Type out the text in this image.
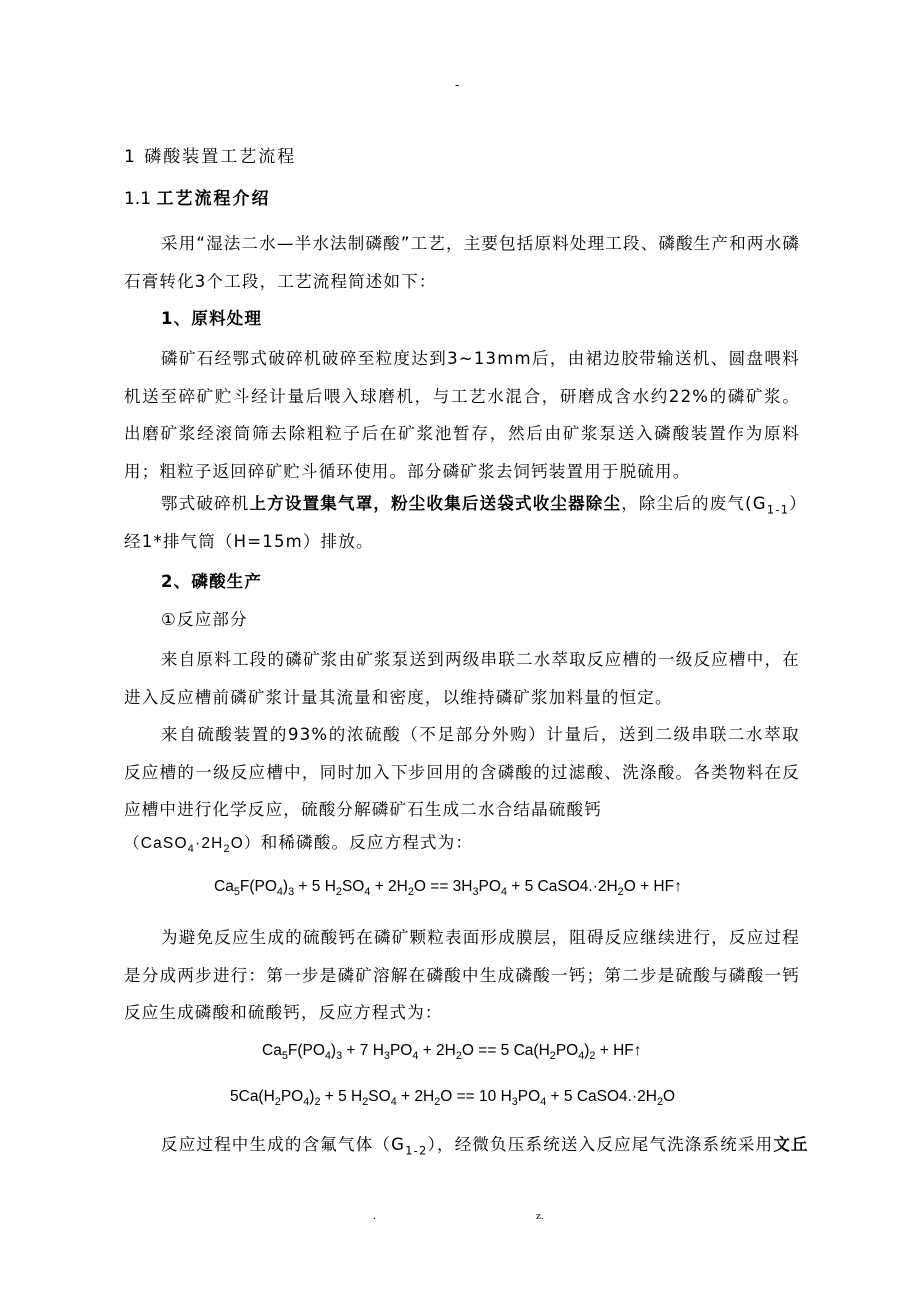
-
1 磷酸装置工艺流程
1.1 工艺流程介绍
采用“湿法二水—半水法制磷酸”工艺，主要包括原料处理工段、磷酸生产和两水磷石膏转化3个工段，工艺流程简述如下：
1、原料处理
磷矿石经鄂式破碎机破碎至粒度达到3~13mm后，由裙边胶带输送机、圆盘喂料机送至碎矿贮斗经计量后喂入球磨机，与工艺水混合，研磨成含水约22%的磷矿浆。出磨矿浆经滚筒筛去除粗粒子后在矿浆池暂存，然后由矿浆泵送入磷酸装置作为原料用；粗粒子返回碎矿贮斗循环使用。部分磷矿浆去饲钙装置用于脱硫用。
鄂式破碎机上方设置集气罩，粉尘收集后送袋式收尘器除尘，除尘后的废气$(G_{1-1})$
经1*排气筒（H=15m）排放。
2、磷酸生产
①反应部分
来自原料工段的磷矿浆由矿浆泵送到两级串联二水萃取反应槽的一级反应槽中，在进入反应槽前磷矿浆计量其流量和密度，以维持磷矿浆加料量的恒定。
来自硫酸装置的93%的浓硫酸（不足部分外购）计量后，送到二级串联二水萃取反应槽的一级反应槽中，同时加入下步回用的含磷酸的过滤酸、洗涤酸。各类物料在反应槽中进行化学反应，硫酸分解磷矿石生成二水合结晶硫酸钙
$(CaSO_4\cdot 2H_2O)$和稀磷酸。反应方程式为：
$Ca_5F(PO_4)_3 + 5$ $H_2SO_4 + 2H_2O == 3H_3PO_4 + 5$ $CaSO4.\cdot 2H_2O$ + HF↑
为避免反应生成的硫酸钙在磷矿颗粒表面形成膜层，阻碍反应继续进行，反应过程是分成两步进行：第一步是磷矿溶解在磷酸中生成磷酸一钙；第二步是硫酸与磷酸一钙反应生成磷酸和硫酸钙，反应方程式为：
$Ca_5F(PO_4)_3 + 7$ $H_3PO_4 + 2H_2O == 5$ $Ca(H_2PO_4)_2$ + HF↑
$5Ca(H_2PO_4)_2 + 5$ $H_2SO_4 + 2H_2O == 10$ $H_3PO_4 + 5$ $CaSO4.\cdot 2H_2O$
反应过程中生成的含氟气体$(G_{1-2})$，经微负压系统送入反应尾气洗涤系统采用文丘
.	z.
